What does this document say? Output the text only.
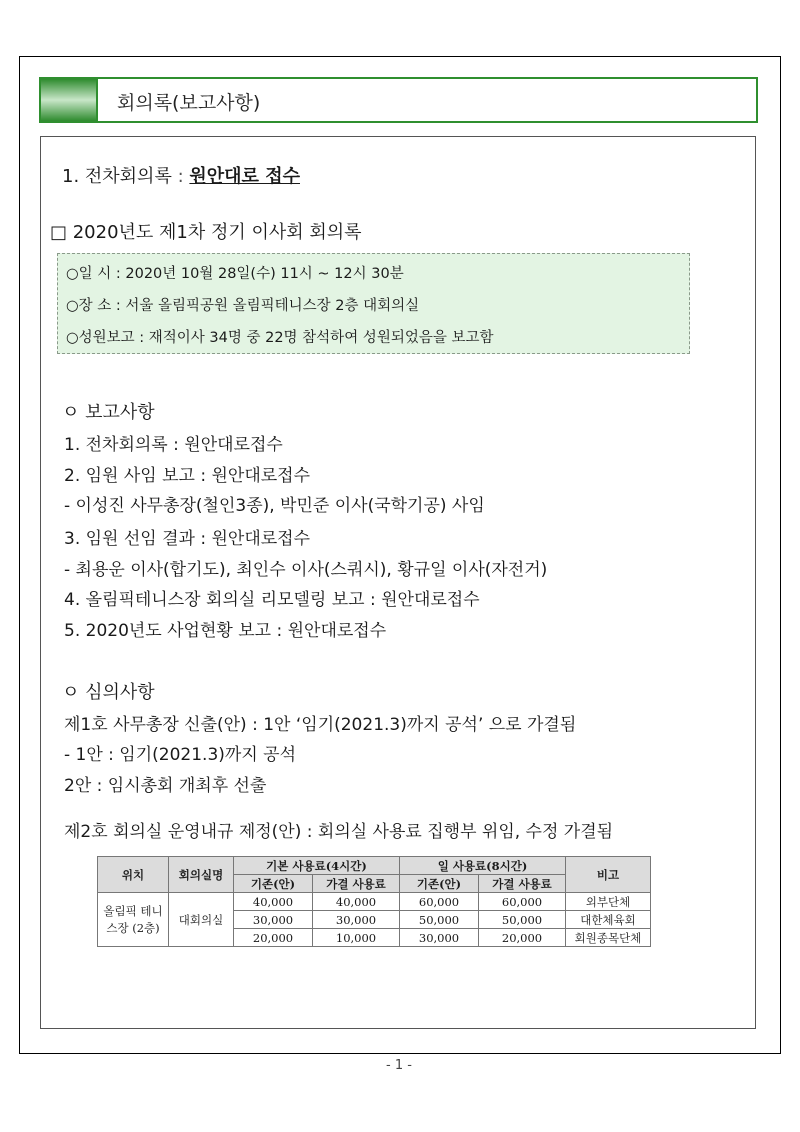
회의록(보고사항)
1. 전차회의록 : 원안대로 접수
□ 2020년도 제1차 정기 이사회 회의록
○일 시 : 2020년 10월 28일(수) 11시 ~ 12시 30분
○장 소 : 서울 올림픽공원 올림픽테니스장 2층 대회의실
○성원보고 : 재적이사 34명 중 22명 참석하여 성원되었음을 보고함
ㅇ 보고사항
1. 전차회의록 : 원안대로접수
2. 임원 사임 보고 : 원안대로접수
- 이성진 사무총장(철인3종), 박민준 이사(국학기공) 사임
3. 임원 선임 결과 : 원안대로접수
- 최용운 이사(합기도), 최인수 이사(스쿼시), 황규일 이사(자전거)
4. 올림픽테니스장 회의실 리모델링 보고 : 원안대로접수
5. 2020년도 사업현황 보고 : 원안대로접수
ㅇ 심의사항
제1호 사무총장 신출(안) : 1안 ‘임기(2021.3)까지 공석’ 으로 가결됨
- 1안 : 임기(2021.3)까지 공석
2안 : 임시총회 개최후 선출
제2호 회의실 운영내규 제정(안) : 회의실 사용료 집행부 위임, 수정 가결됨
위치	회의실명	기본 사용료(4시간)		일 사용료(8시간)		비고
		기존(안)	가결 사용료	기존(안)	가결 사용료	
올림픽 테니스장 (2층)	대회의실	40,000	40,000	60,000	60,000	외부단체
		30,000	30,000	50,000	50,000	대한체육회
		20,000	10,000	30,000	20,000	회원종목단체
- 1 -
